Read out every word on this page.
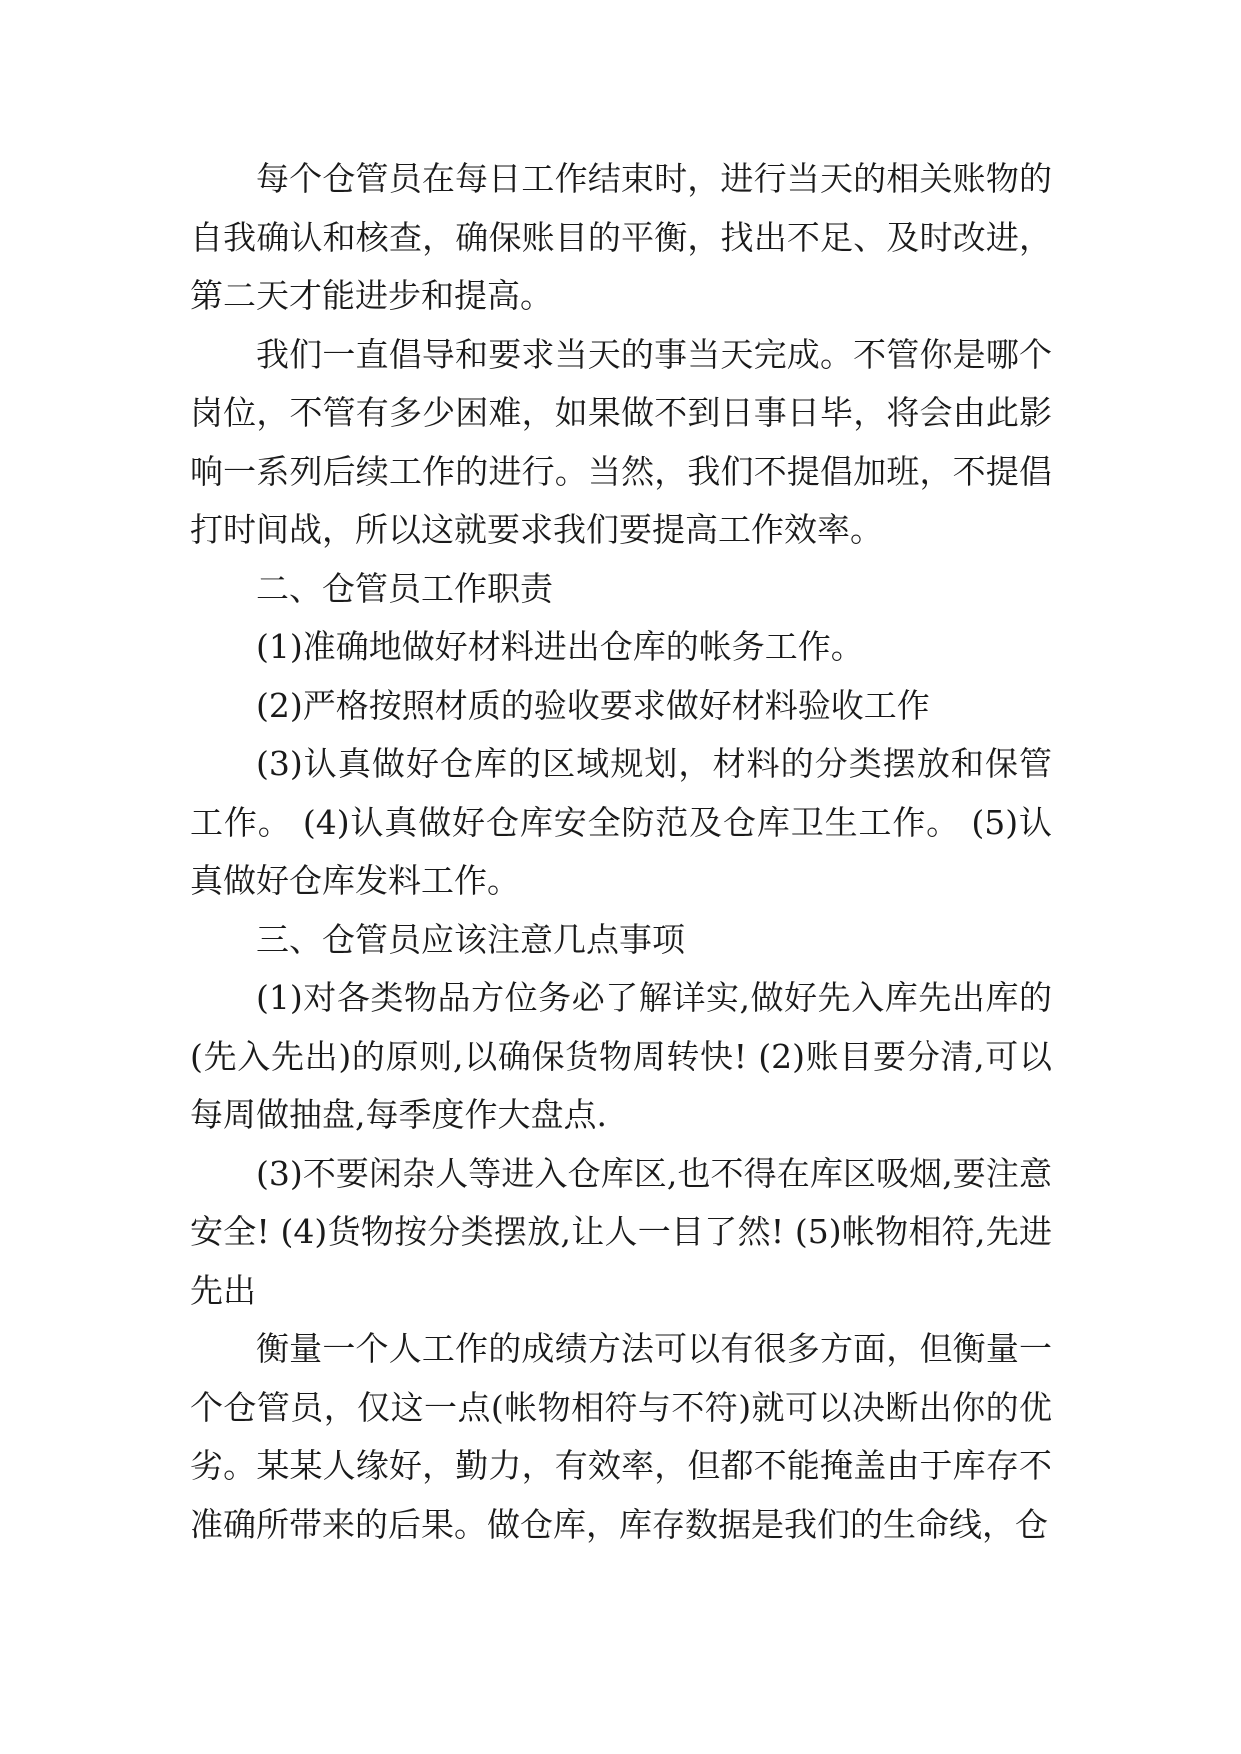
每个仓管员在每日工作结束时，进行当天的相关账物的自我确认和核查，确保账目的平衡，找出不足、及时改进，第二天才能进步和提高。

我们一直倡导和要求当天的事当天完成。不管你是哪个岗位，不管有多少困难，如果做不到日事日毕，将会由此影响一系列后续工作的进行。当然，我们不提倡加班，不提倡打时间战，所以这就要求我们要提高工作效率。

二、仓管员工作职责

(1)准确地做好材料进出仓库的帐务工作。

(2)严格按照材质的验收要求做好材料验收工作

(3)认真做好仓库的区域规划，材料的分类摆放和保管工作。 (4)认真做好仓库安全防范及仓库卫生工作。 (5)认真做好仓库发料工作。

三、仓管员应该注意几点事项

(1)对各类物品方位务必了解详实,做好先入库先出库的(先入先出)的原则,以确保货物周转快! (2)账目要分清,可以每周做抽盘,每季度作大盘点.

(3)不要闲杂人等进入仓库区,也不得在库区吸烟,要注意安全! (4)货物按分类摆放,让人一目了然! (5)帐物相符,先进先出

衡量一个人工作的成绩方法可以有很多方面，但衡量一个仓管员，仅这一点(帐物相符与不符)就可以决断出你的优劣。某某人缘好，勤力，有效率，但都不能掩盖由于库存不准确所带来的后果。做仓库，库存数据是我们的生命线，仓
